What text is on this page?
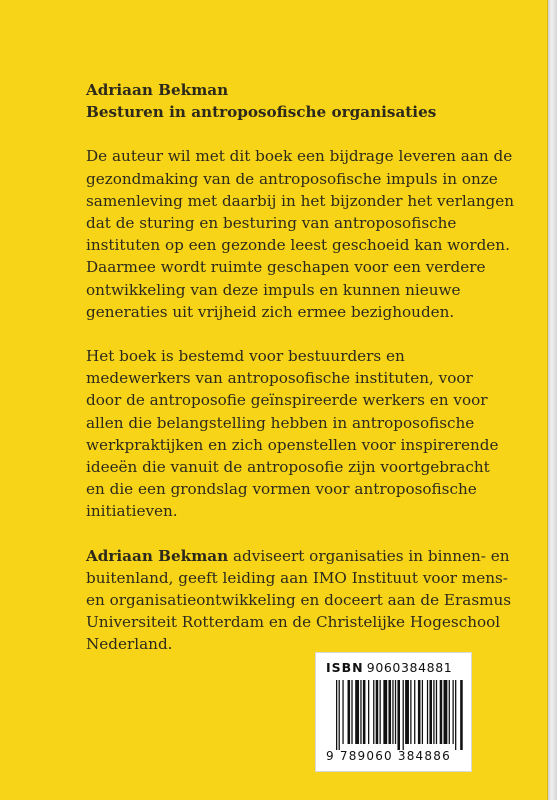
Adriaan Bekman

Besturen in antroposofische organisaties

De auteur wil met dit boek een bijdrage leveren aan de

gezondmaking van de antroposofische impuls in onze

samenleving met daarbij in het bijzonder het verlangen

dat de sturing en besturing van antroposofische

instituten op een gezonde leest geschoeid kan worden.

Daarmee wordt ruimte geschapen voor een verdere

ontwikkeling van deze impuls en kunnen nieuwe

generaties uit vrijheid zich ermee bezighouden.

Het boek is bestemd voor bestuurders en

medewerkers van antroposofische instituten, voor

door de antroposofie geïnspireerde werkers en voor

allen die belangstelling hebben in antroposofische

werkpraktijken en zich openstellen voor inspirerende

ideeën die vanuit de antroposofie zijn voortgebracht

en die een grondslag vormen voor antroposofische

initiatieven.

Adriaan Bekman adviseert organisaties in binnen- en

buitenland, geeft leiding aan IMO Instituut voor mens-

en organisatieontwikkeling en doceert aan de Erasmus

Universiteit Rotterdam en de Christelijke Hogeschool

Nederland.

ISBN  9060384881
9 789060 384886
